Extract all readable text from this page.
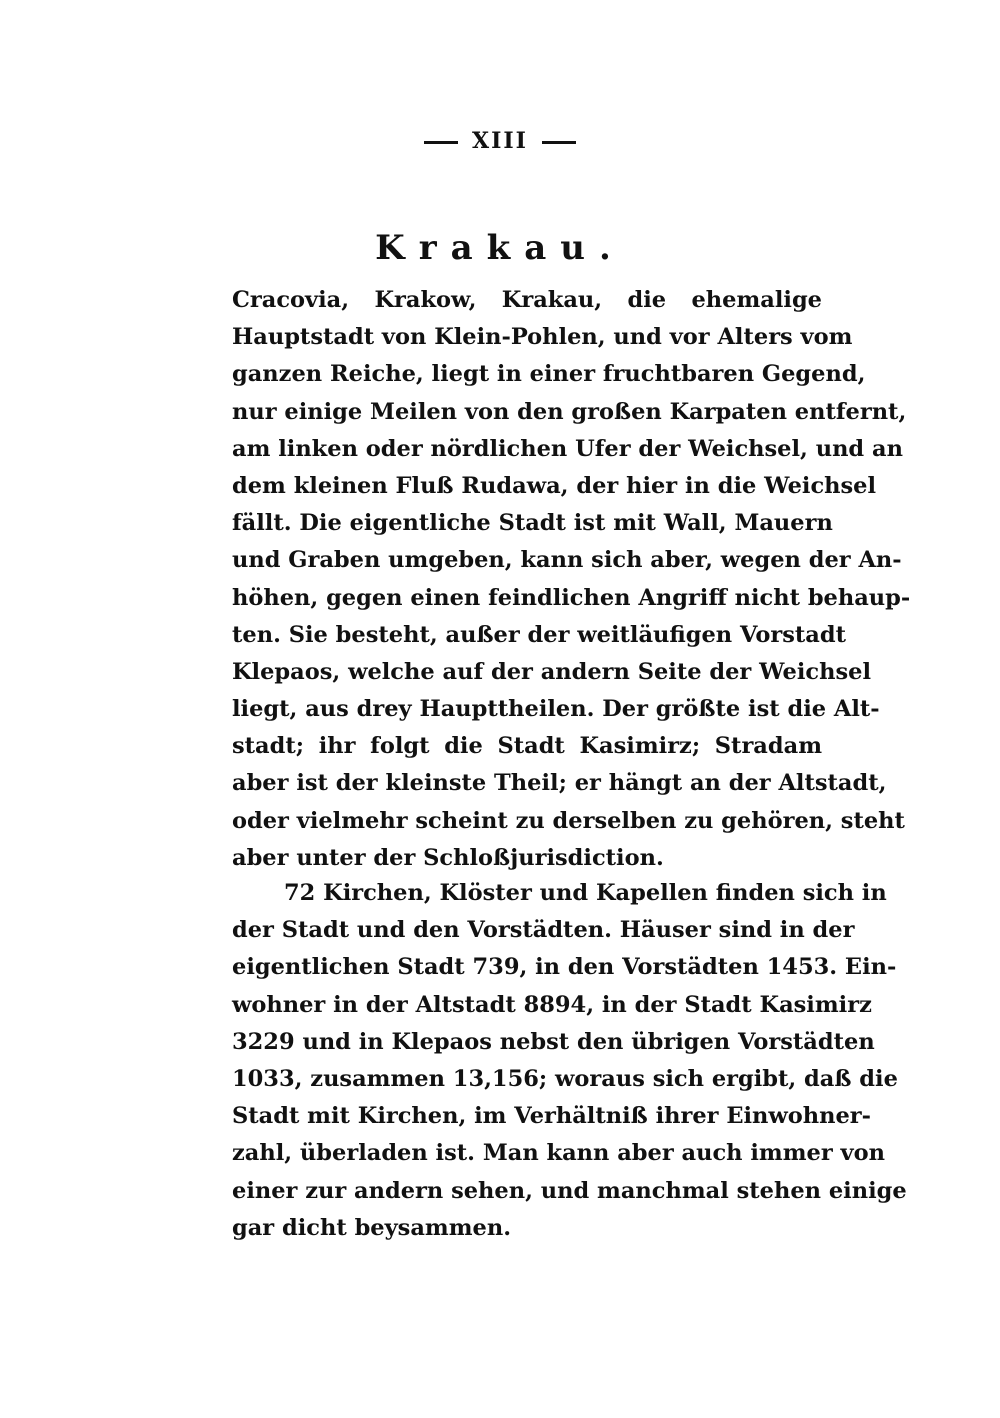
XIII
Krakau.
Cracovia, Krakow, Krakau, die ehemalige
Hauptstadt von Klein-Pohlen, und vor Alters vom
ganzen Reiche, liegt in einer fruchtbaren Gegend,
nur einige Meilen von den großen Karpaten entfernt,
am linken oder nördlichen Ufer der Weichsel, und an
dem kleinen Fluß Rudawa, der hier in die Weichsel
fällt. Die eigentliche Stadt ist mit Wall, Mauern
und Graben umgeben, kann sich aber, wegen der An-
höhen, gegen einen feindlichen Angriff nicht behaup-
ten. Sie besteht, außer der weitläufigen Vorstadt
Klepaos, welche auf der andern Seite der Weichsel
liegt, aus drey Haupttheilen. Der größte ist die Alt-
stadt; ihr folgt die Stadt Kasimirz; Stradam
aber ist der kleinste Theil; er hängt an der Altstadt,
oder vielmehr scheint zu derselben zu gehören, steht
aber unter der Schloßjurisdiction.
72 Kirchen, Klöster und Kapellen finden sich in
der Stadt und den Vorstädten. Häuser sind in der
eigentlichen Stadt 739, in den Vorstädten 1453. Ein-
wohner in der Altstadt 8894, in der Stadt Kasimirz
3229 und in Klepaos nebst den übrigen Vorstädten
1033, zusammen 13,156; woraus sich ergibt, daß die
Stadt mit Kirchen, im Verhältniß ihrer Einwohner-
zahl, überladen ist. Man kann aber auch immer von
einer zur andern sehen, und manchmal stehen einige
gar dicht beysammen.
